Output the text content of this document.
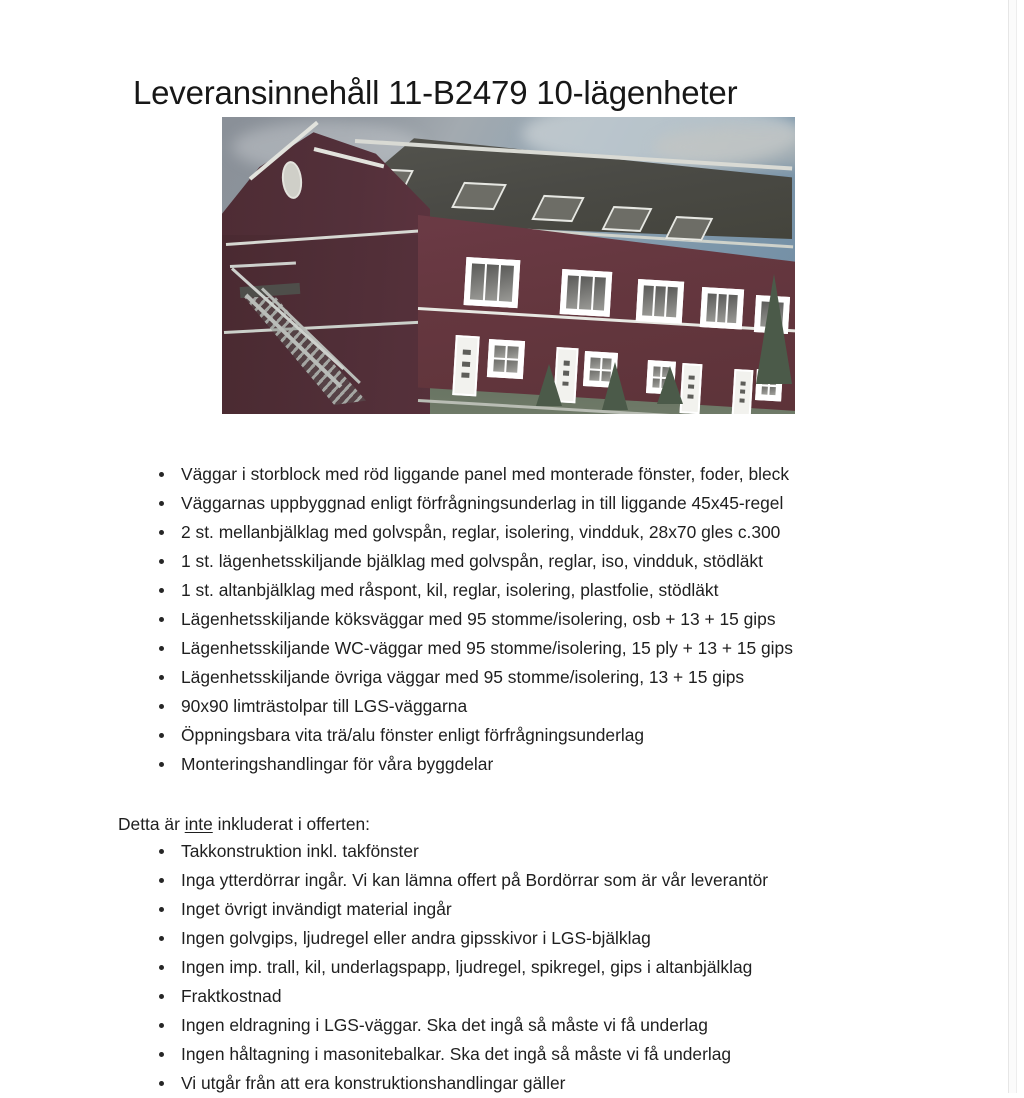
Leveransinnehåll 11-B2479 10-lägenheter
Väggar i storblock med röd liggande panel med monterade fönster, foder, bleck
Väggarnas uppbyggnad enligt förfrågningsunderlag in till liggande 45x45-regel
2 st. mellanbjälklag med golvspån, reglar, isolering, vindduk, 28x70 gles c.300
1 st. lägenhetsskiljande bjälklag med golvspån, reglar, iso, vindduk, stödläkt
1 st. altanbjälklag med råspont, kil, reglar, isolering, plastfolie, stödläkt
Lägenhetsskiljande köksväggar med 95 stomme/isolering, osb + 13 + 15 gips
Lägenhetsskiljande WC-väggar med 95 stomme/isolering, 15 ply + 13 + 15 gips
Lägenhetsskiljande övriga väggar med 95 stomme/isolering, 13 + 15 gips
90x90 limträstolpar till LGS-väggarna
Öppningsbara vita trä/alu fönster enligt förfrågningsunderlag
Monteringshandlingar för våra byggdelar

Detta är inte inkluderat i offerten:

Takkonstruktion inkl. takfönster
Inga ytterdörrar ingår. Vi kan lämna offert på Bordörrar som är vår leverantör
Inget övrigt invändigt material ingår
Ingen golvgips, ljudregel eller andra gipsskivor i LGS-bjälklag
Ingen imp. trall, kil, underlagspapp, ljudregel, spikregel, gips i altanbjälklag
Fraktkostnad
Ingen eldragning i LGS-väggar. Ska det ingå så måste vi få underlag
Ingen håltagning i masonitebalkar. Ska det ingå så måste vi få underlag
Vi utgår från att era konstruktionshandlingar gäller
